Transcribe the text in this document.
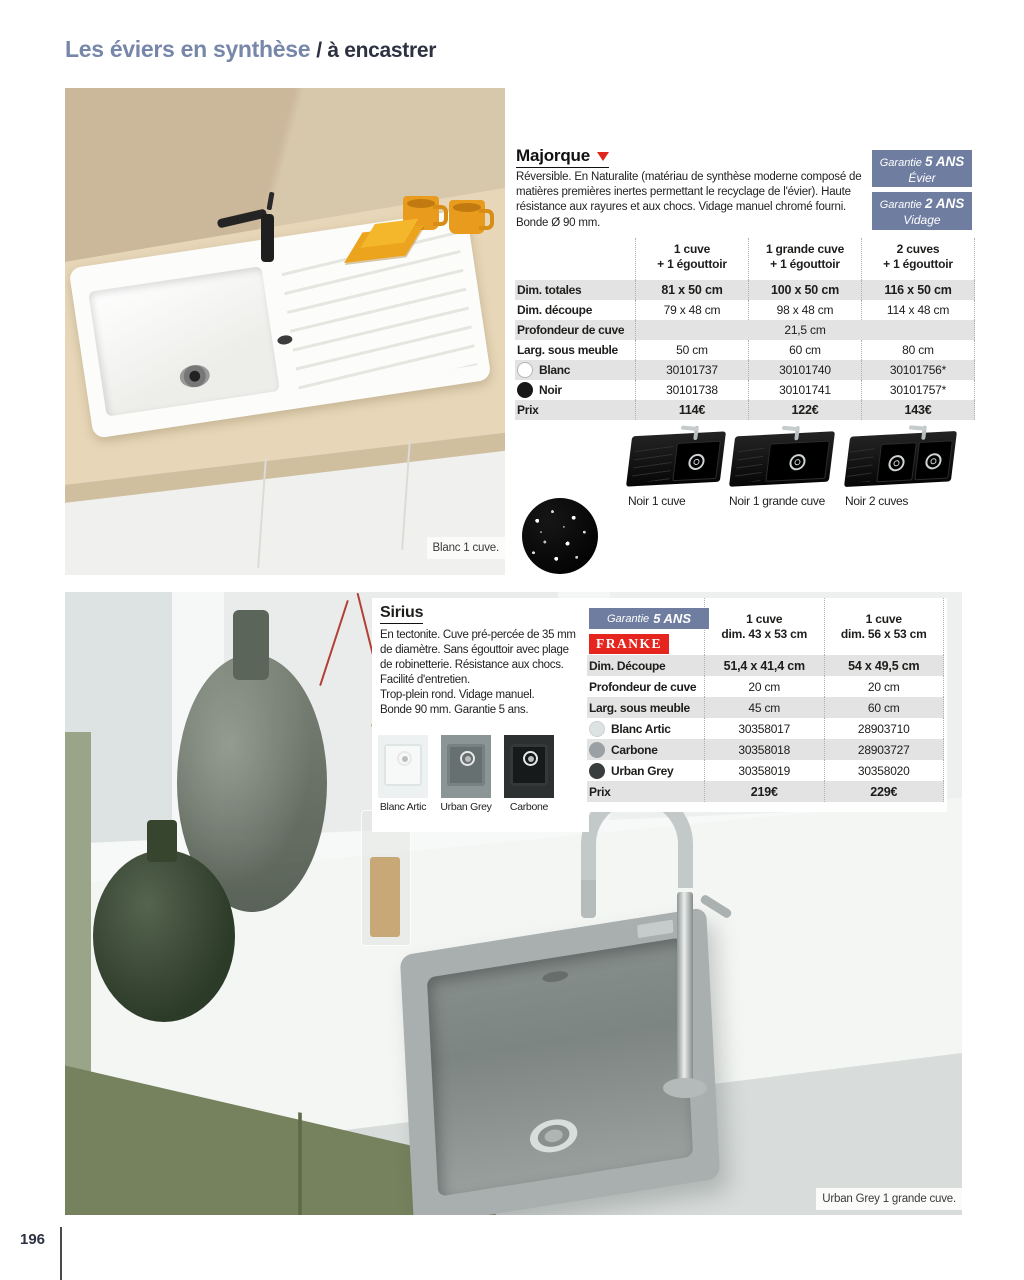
Les éviers en synthèse / à encastrer
Blanc 1 cuve.
Majorque
Réversible. En Naturalite (matériau de synthèse moderne composé de matières premières inertes permettant le recyclage de l'évier). Haute résistance aux rayures et aux chocs. Vidage manuel chromé fourni. Bonde Ø 90 mm.
Garantie 5 ANS
Évier
Garantie 2 ANS
Vidage
1 cuve
+ 1 égouttoir
1 grande cuve
+ 1 égouttoir
2 cuves
+ 1 égouttoir
Dim. totales	81 x 50 cm	100 x 50 cm	116 x 50 cm
Dim. découpe	79 x 48 cm	98 x 48 cm	114 x 48 cm
Profondeur de cuve	21,5 cm
Larg. sous meuble	50 cm	60 cm	80 cm
Blanc	30101737	30101740	30101756*
Noir	30101738	30101741	30101757*
Prix	114€	122€	143€
Noir 1 cuve	Noir 1 grande cuve Noir 2 cuves
Urban Grey 1 grande cuve.
Sirius
En tectonite. Cuve pré-percée de 35 mm de diamètre. Sans égouttoir avec plage de robinetterie. Résistance aux chocs. Facilité d'entretien.
Trop-plein rond. Vidage manuel.
Bonde 90 mm. Garantie 5 ans.
Blanc Artic	Urban Grey	Carbone
1 cuve
dim. 43 x 53 cm
1 cuve
dim. 56 x 53 cm
Dim. Découpe	51,4 x 41,4 cm	54 x 49,5 cm
Profondeur de cuve	20 cm	20 cm
Larg. sous meuble	45 cm	60 cm
Blanc Artic	30358017	28903710
Carbone	30358018	28903727
Urban Grey	30358019	30358020
Prix	219€	229€
Garantie 5 ANS
FRANKE
196
